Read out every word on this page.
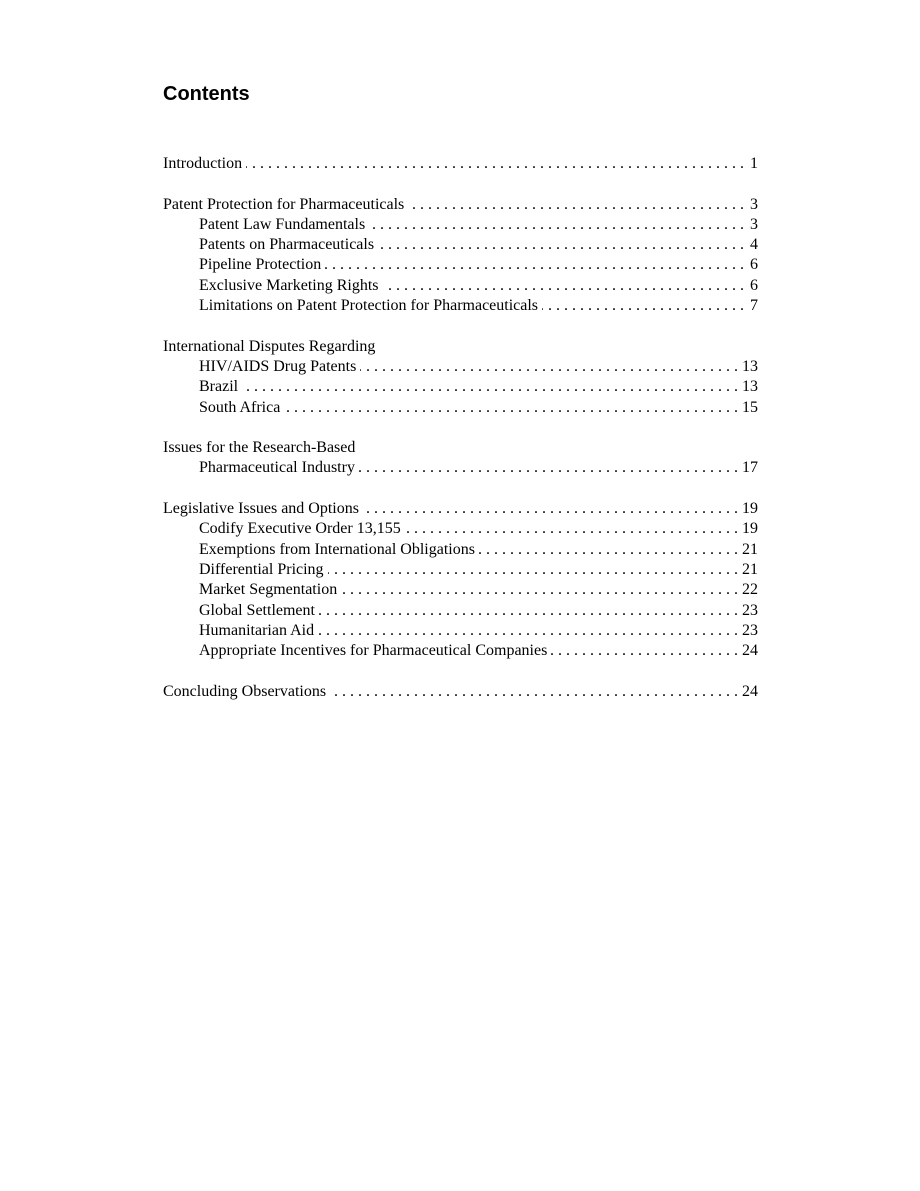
Contents
Introduction . . .	1
Patent Protection for Pharmaceuticals . . .	3
Patent Law Fundamentals . . .	3
Patents on Pharmaceuticals . . .	4
Pipeline Protection . . .	6
Exclusive Marketing Rights . . .	6
Limitations on Patent Protection for Pharmaceuticals . . .	7
International Disputes Regarding
HIV/AIDS Drug Patents . . .	13
Brazil . . .	13
South Africa . . .	15
Issues for the Research-Based
Pharmaceutical Industry . . .	17
Legislative Issues and Options . . .	19
Codify Executive Order 13,155 . . .	19
Exemptions from International Obligations . . .	21
Differential Pricing . . .	21
Market Segmentation . . .	22
Global Settlement . . .	23
Humanitarian Aid . . .	23
Appropriate Incentives for Pharmaceutical Companies . . .	24
Concluding Observations . . .	24
